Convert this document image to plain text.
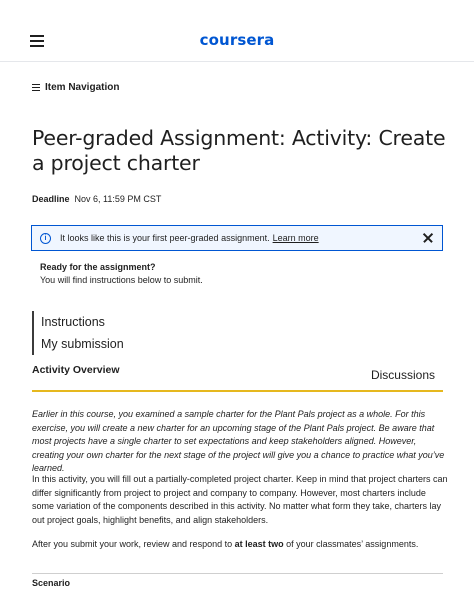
coursera
Item Navigation
Peer-graded Assignment: Activity: Create a project charter
Deadline Nov 6, 11:59 PM CST
i	It looks like this is your first peer-graded assignment. Learn more
Ready for the assignment?
You will find instructions below to submit.
Instructions
My submission
Activity Overview	Discussions

Earlier in this course, you examined a sample charter for the Plant Pals project as a whole. For this exercise, you will create a new charter for an upcoming stage of the Plant Pals project. Be aware that most projects have a single charter to set expectations and keep stakeholders aligned. However, creating your own charter for the next stage of the project will give you a chance to practice what you’ve learned.

In this activity, you will fill out a partially-completed project charter. Keep in mind that project charters can differ significantly from project to project and company to company. However, most charters include some variation of the components described in this activity. No matter what form they take, charters lay out project goals, highlight benefits, and align stakeholders.

After you submit your work, review and respond to at least two of your classmates’ assignments.

Scenario
